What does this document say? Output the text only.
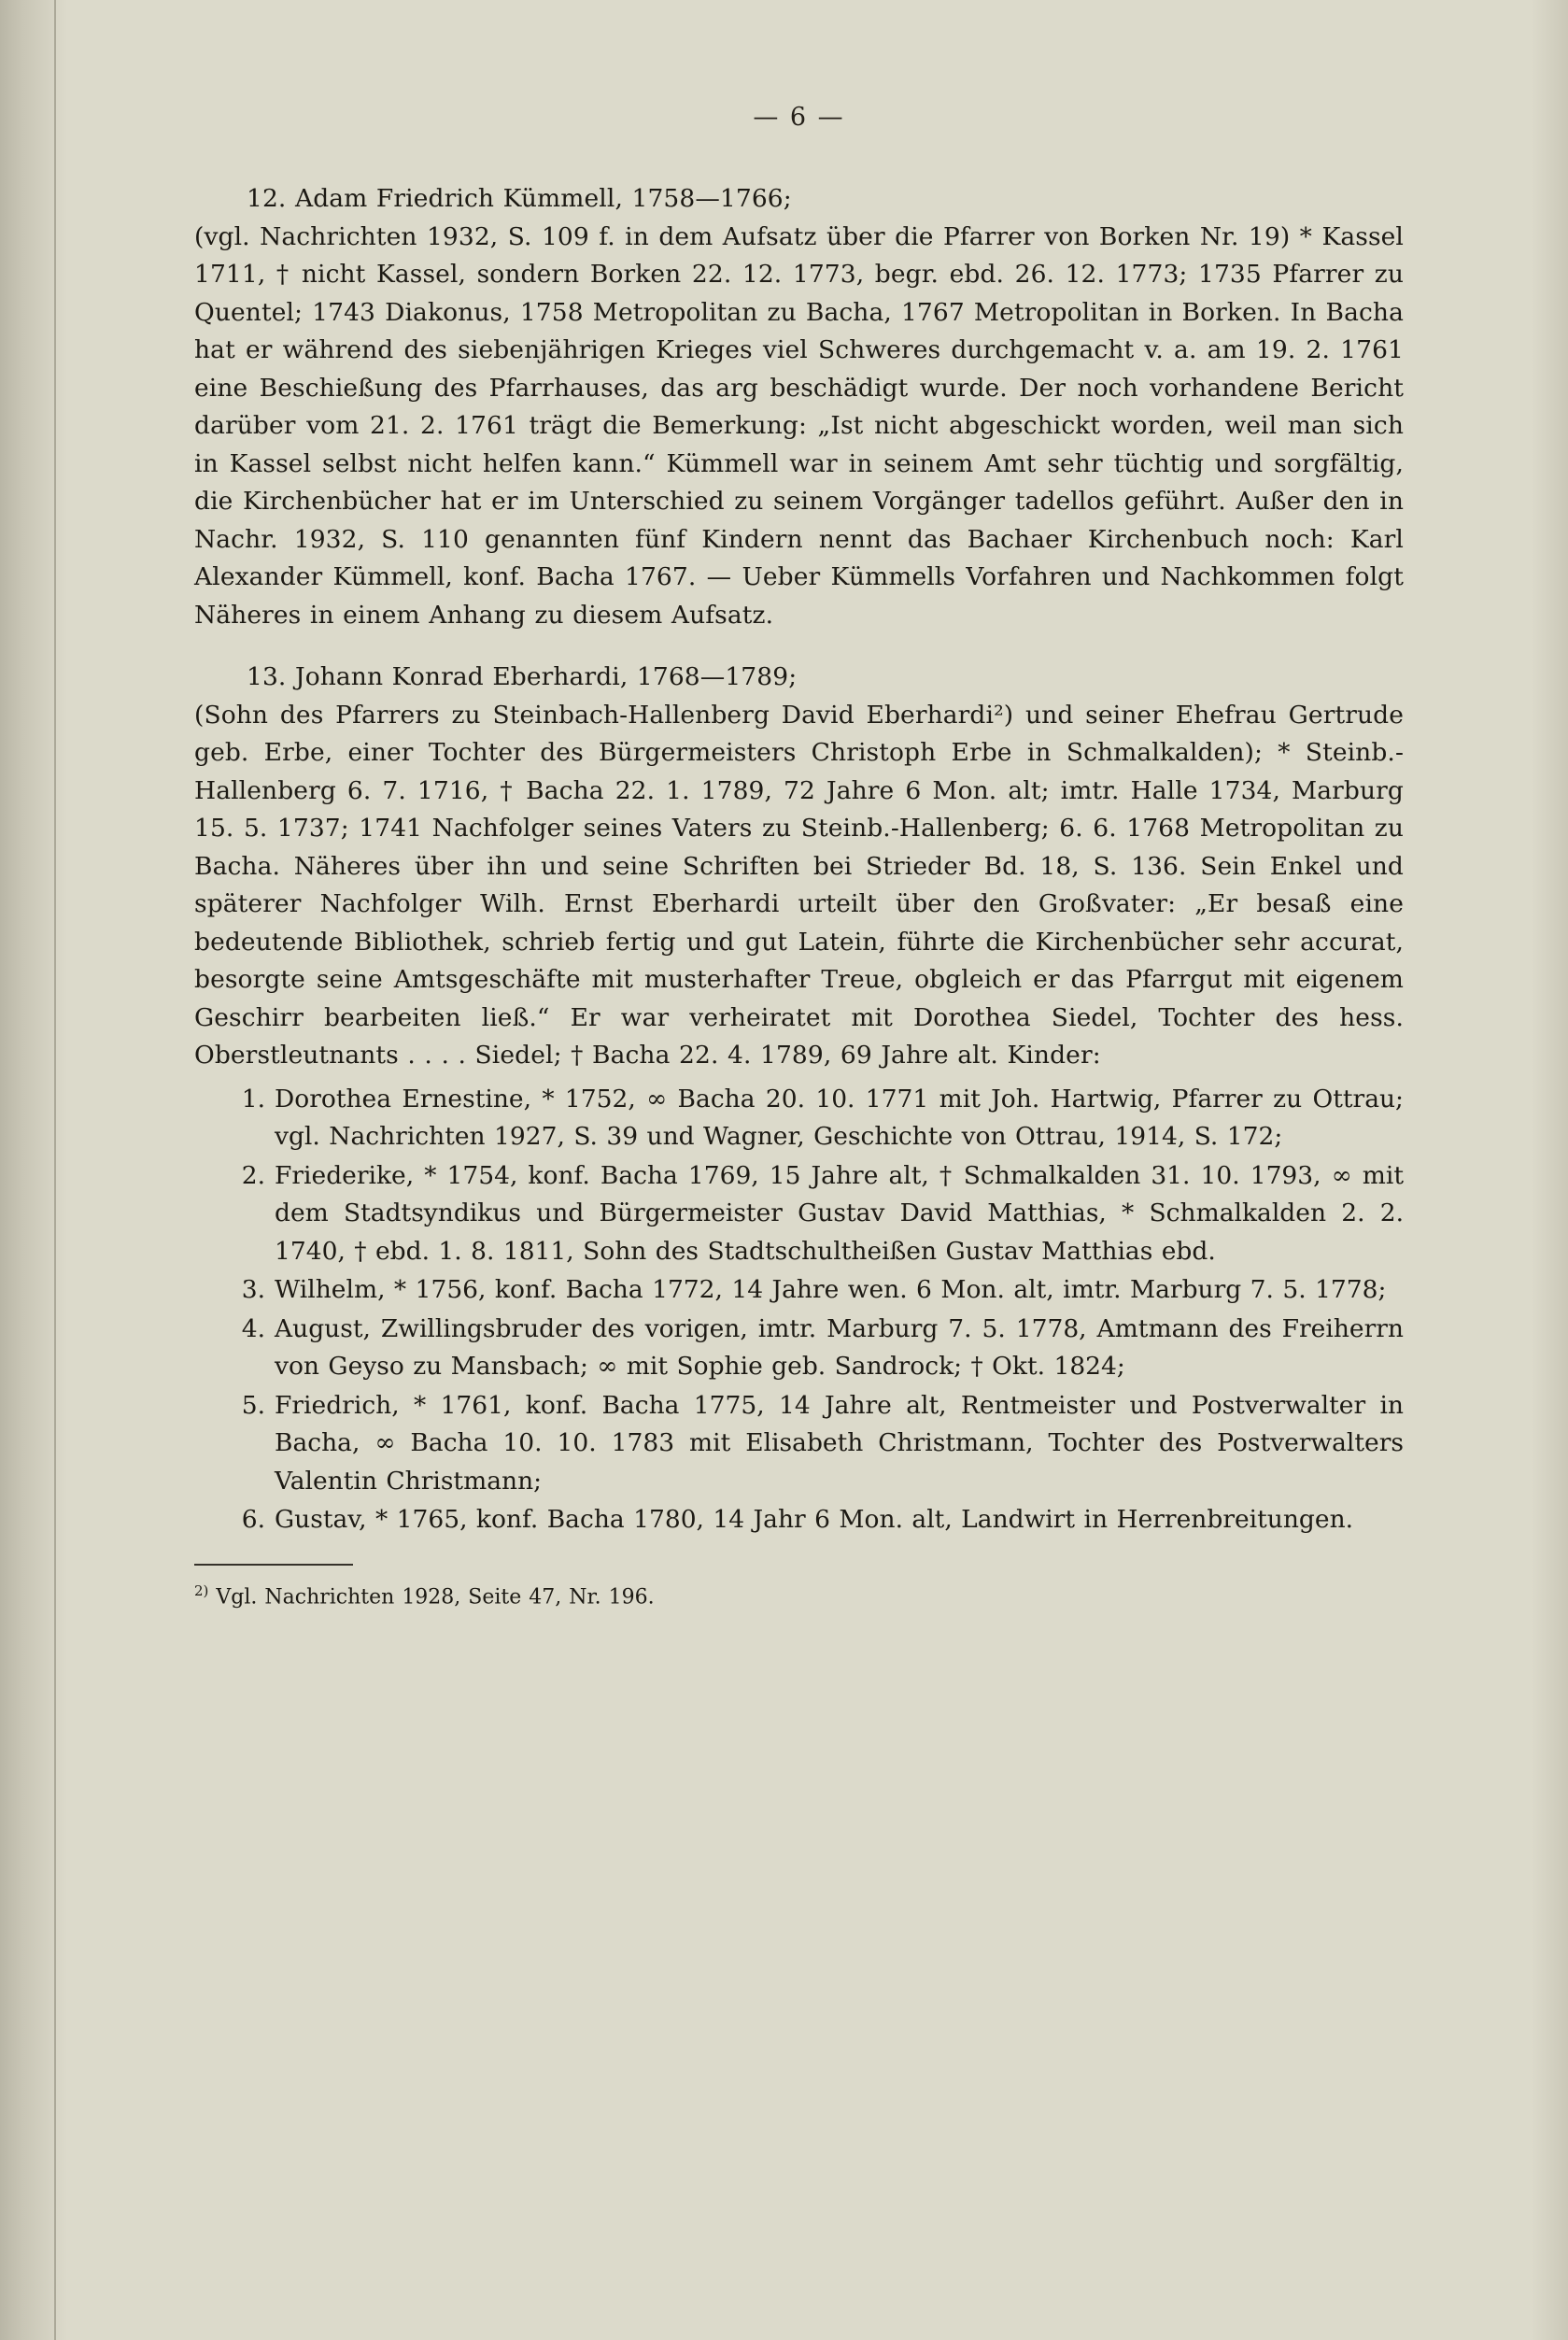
— 6 —
12. Adam Friedrich Kümmell, 1758—1766;
(vgl. Nachrichten 1932, S. 109 f. in dem Aufsatz über die Pfarrer von Borken Nr. 19) * Kassel 1711, † nicht Kassel, sondern Borken 22. 12. 1773, begr. ebd. 26. 12. 1773; 1735 Pfarrer zu Quentel; 1743 Diakonus, 1758 Metropolitan zu Bacha, 1767 Metropolitan in Borken. In Bacha hat er während des siebenjährigen Krieges viel Schweres durchgemacht v. a. am 19. 2. 1761 eine Beschießung des Pfarrhauses, das arg beschädigt wurde. Der noch vorhandene Bericht darüber vom 21. 2. 1761 trägt die Bemerkung: „Ist nicht abgeschickt worden, weil man sich in Kassel selbst nicht helfen kann.“ Kümmell war in seinem Amt sehr tüchtig und sorgfältig, die Kirchenbücher hat er im Unterschied zu seinem Vorgänger tadellos geführt. Außer den in Nachr. 1932, S. 110 genannten fünf Kindern nennt das Bachaer Kirchenbuch noch: Karl Alexander Kümmell, konf. Bacha 1767. — Ueber Kümmells Vorfahren und Nachkommen folgt Näheres in einem Anhang zu diesem Aufsatz.
13. Johann Konrad Eberhardi, 1768—1789;
(Sohn des Pfarrers zu Steinbach-Hallenberg David Eberhardi²) und seiner Ehefrau Gertrude geb. Erbe, einer Tochter des Bürgermeisters Christoph Erbe in Schmalkalden); * Steinb.-Hallenberg 6. 7. 1716, † Bacha 22. 1. 1789, 72 Jahre 6 Mon. alt; imtr. Halle 1734, Marburg 15. 5. 1737; 1741 Nachfolger seines Vaters zu Steinb.-Hallenberg; 6. 6. 1768 Metropolitan zu Bacha. Näheres über ihn und seine Schriften bei Strieder Bd. 18, S. 136. Sein Enkel und späterer Nachfolger Wilh. Ernst Eberhardi urteilt über den Großvater: „Er besaß eine bedeutende Bibliothek, schrieb fertig und gut Latein, führte die Kirchenbücher sehr accurat, besorgte seine Amtsgeschäfte mit musterhafter Treue, obgleich er das Pfarrgut mit eigenem Geschirr bearbeiten ließ.“ Er war verheiratet mit Dorothea Siedel, Tochter des hess. Oberstleutnants . . . . Siedel; † Bacha 22. 4. 1789, 69 Jahre alt. Kinder:
1. Dorothea Ernestine, * 1752, ∞ Bacha 20. 10. 1771 mit Joh. Hartwig, Pfarrer zu Ottrau; vgl. Nachrichten 1927, S. 39 und Wagner, Geschichte von Ottrau, 1914, S. 172;
2. Friederike, * 1754, konf. Bacha 1769, 15 Jahre alt, † Schmalkalden 31. 10. 1793, ∞ mit dem Stadtsyndikus und Bürgermeister Gustav David Matthias, * Schmalkalden 2. 2. 1740, † ebd. 1. 8. 1811, Sohn des Stadtschultheißen Gustav Matthias ebd.
3. Wilhelm, * 1756, konf. Bacha 1772, 14 Jahre wen. 6 Mon. alt, imtr. Marburg 7. 5. 1778;
4. August, Zwillingsbruder des vorigen, imtr. Marburg 7. 5. 1778, Amtmann des Freiherrn von Geyso zu Mansbach; ∞ mit Sophie geb. Sandrock; † Okt. 1824;
5. Friedrich, * 1761, konf. Bacha 1775, 14 Jahre alt, Rentmeister und Postverwalter in Bacha, ∞ Bacha 10. 10. 1783 mit Elisabeth Christmann, Tochter des Postverwalters Valentin Christmann;
6. Gustav, * 1765, konf. Bacha 1780, 14 Jahr 6 Mon. alt, Landwirt in Herrenbreitungen.
$^{2)}$ Vgl. Nachrichten 1928, Seite 47, Nr. 196.
